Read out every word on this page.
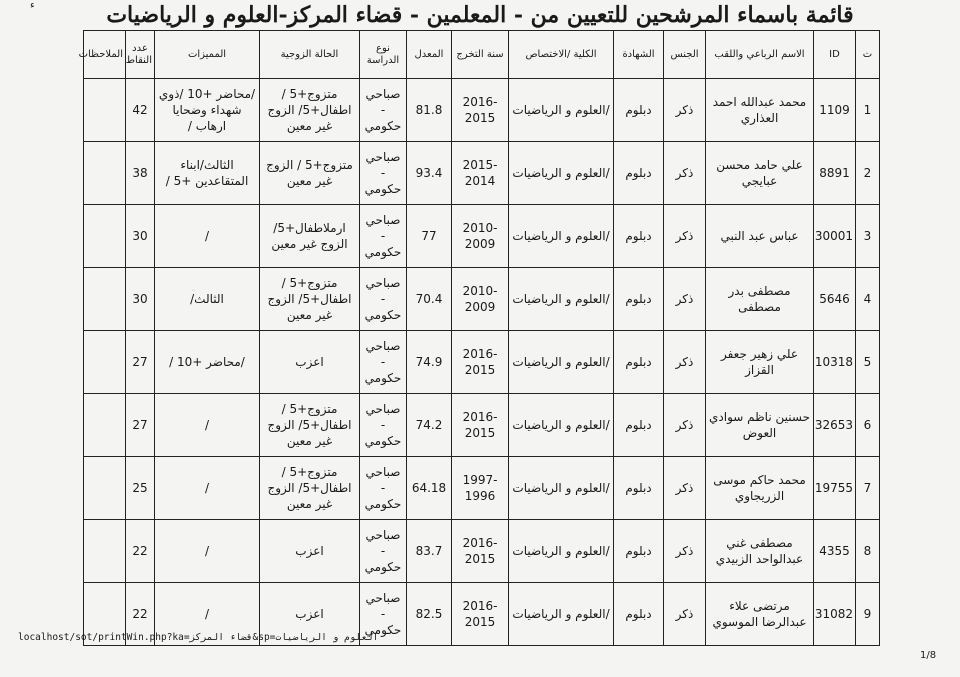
ﺀ	قائمة باسماء المرشحين للتعيين من - المعلمين - قضاء المركز-العلوم و الرياضيات
ت	ID	الاسم الرباعي واللقب	الجنس	الشهادة	الكلية /الاختصاص	سنة التخرج	المعدل	نوع الدراسة	الحالة الزوجية	المميزات	عدد النقاط	الملاحظات
1	1109	محمد عبدالله احمد العذاري	ذكر	دبلوم	/العلوم و الرياضيات	2016-2015	81.8	صباحي - حكومي	متزوج+5 / اطفال+5/ الزوج غير معين	/محاضر +10 /ذوي شهداء وضحايا ارهاب /	42	
2	8891	علي حامد محسن عبايجي	ذكر	دبلوم	/العلوم و الرياضيات	2015-2014	93.4	صباحي - حكومي	متزوج+5 / الزوج غير معين	الثالث/ابناء المتقاعدين +5 /	38	
3	30001	عباس عبد النبي	ذكر	دبلوم	/العلوم و الرياضيات	2010-2009	77	صباحي - حكومي	ارملاطفال+5/ الزوج غير معين	/	30	
4	5646	مصطفى بدر مصطفى	ذكر	دبلوم	/العلوم و الرياضيات	2010-2009	70.4	صباحي - حكومي	متزوج+5 / اطفال+5/ الزوج غير معين	الثالث/	30	
5	10318	علي زهير جعفر القزاز	ذكر	دبلوم	/العلوم و الرياضيات	2016-2015	74.9	صباحي - حكومي	اعزب	/محاضر +10 /	27	
6	32653	حسنين ناظم سوادي العوض	ذكر	دبلوم	/العلوم و الرياضيات	2016-2015	74.2	صباحي - حكومي	متزوج+5 / اطفال+5/ الزوج غير معين	/	27	
7	19755	محمد حاكم موسى الزريجاوي	ذكر	دبلوم	/العلوم و الرياضيات	1997-1996	64.18	صباحي - حكومي	متزوج+5 / اطفال+5/ الزوج غير معين	/	25	
8	4355	مصطفى غني عبدالواحد الزبيدي	ذكر	دبلوم	/العلوم و الرياضيات	2016-2015	83.7	صباحي - حكومي	اعزب	/	22	
9	31082	مرتضى علاء عبدالرضا الموسوي	ذكر	دبلوم	/العلوم و الرياضيات	2016-2015	82.5	صباحي - حكومي	اعزب	/	22	
localhost/sot/printWin.php?ka=قضاء المركز&sp=العلوم و الرياضيات
1/8
